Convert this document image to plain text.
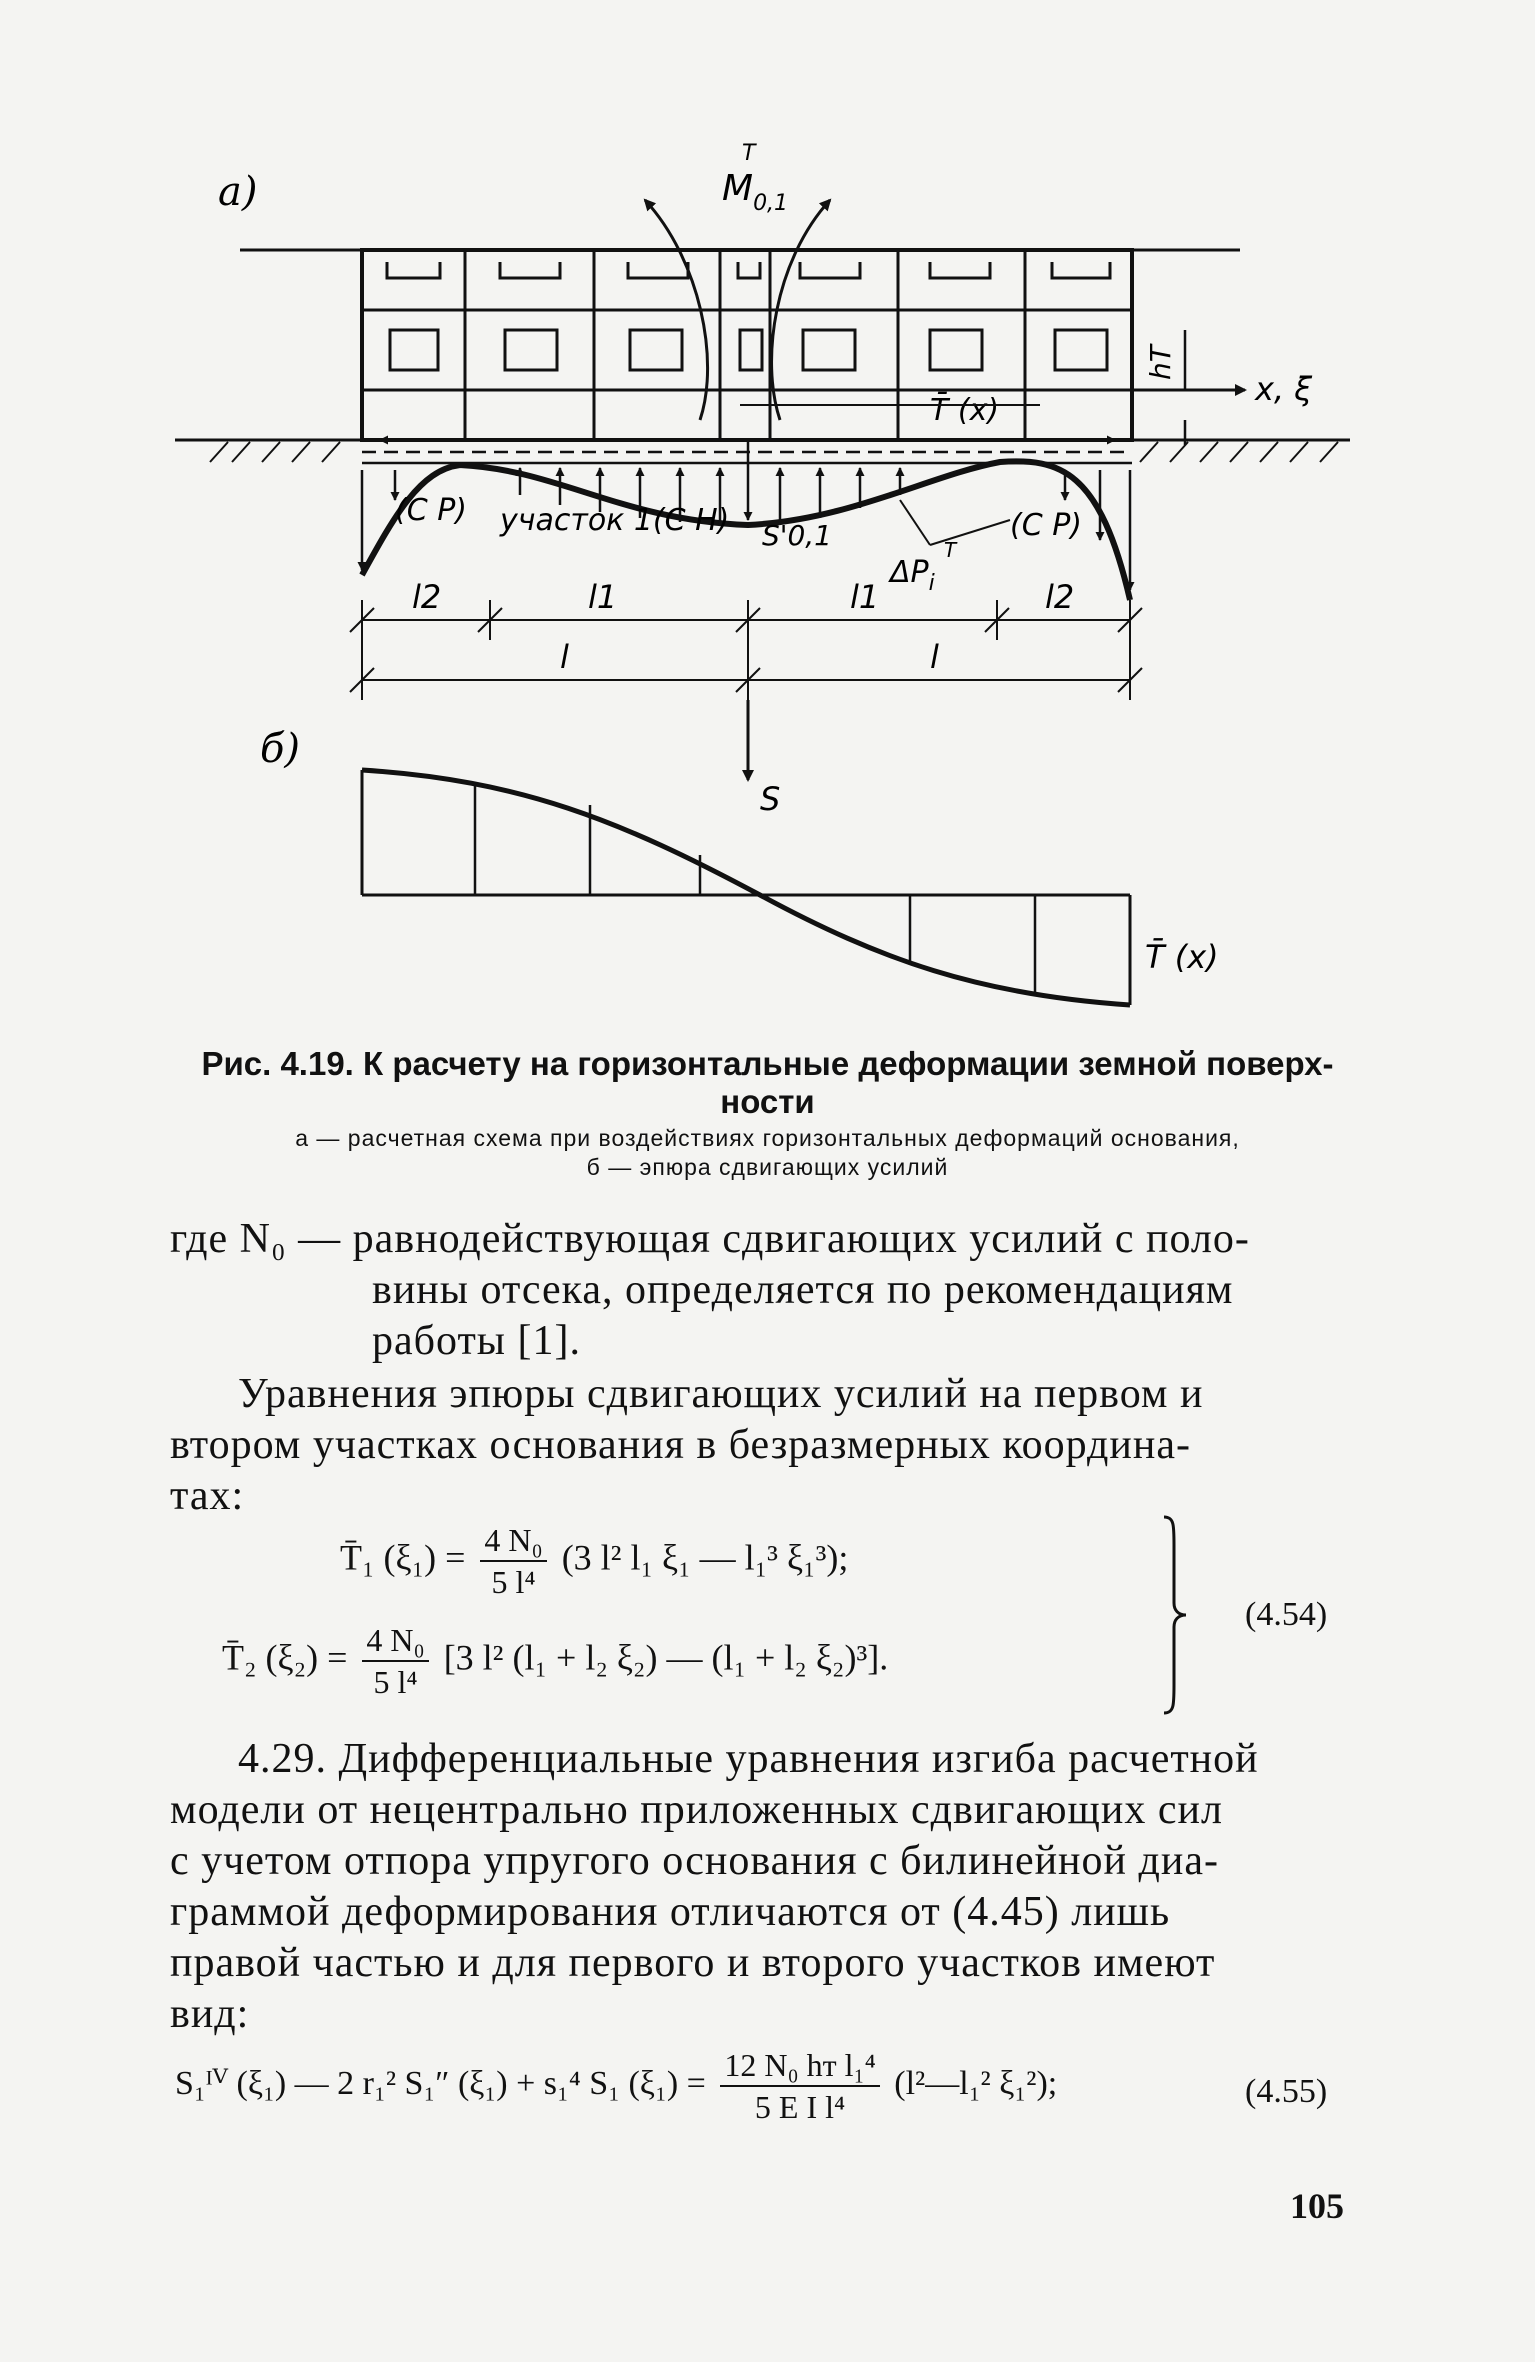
а)
б)
$M_{0,1}$
T
x, ξ
hT
T̄ (x)
(C P) участок 1(C H) S'0,1
$\Delta P_i$
T
(C P)
l2	l1	l1	l2
l	l
S
T̄ (x)
Рис. 4.19. К расчету на горизонтальные деформации земной поверх-
ности
а — расчетная схема при воздействиях горизонтальных деформаций основания,
б — эпюра сдвигающих усилий
где N₀ — равнодействующая сдвигающих усилий с поло-
вины отсека, определяется по рекомендациям
работы [1].
Уравнения эпюры сдвигающих усилий на первом и
втором участках основания в безразмерных координа-
тах:
T̄₁ $(\xi_1) = \frac{\text{4 N₀}}{\text{5 l⁴}} (3$ l² l₁ ξ₁ — l₁³ ξ₁³);
T̄₂ $(\xi_2) = \frac{\text{4 N₀}}{\text{5 l⁴}} [3$ l² (l₁ + l₂ ξ₂) — (l₁ + l₂ ξ₂)³].
(4.54)
4.29. Дифференциальные уравнения изгиба расчетной
модели от нецентрально приложенных сдвигающих сил
с учетом отпора упругого основания с билинейной диа-
граммой деформирования отличаются от (4.45) лишь
правой частью и для первого и второго участков имеют
вид:
S₁ᴵⱽ (ξ₁) — 2 r₁² S₁″ (ξ₁) + s₁⁴ S₁ $(\xi_1) = \frac{\text{12 N₀ hт l₁⁴}}{\text{5 E I l⁴}}$ (l²—l₁² ξ₁²);	(4.55)
105
